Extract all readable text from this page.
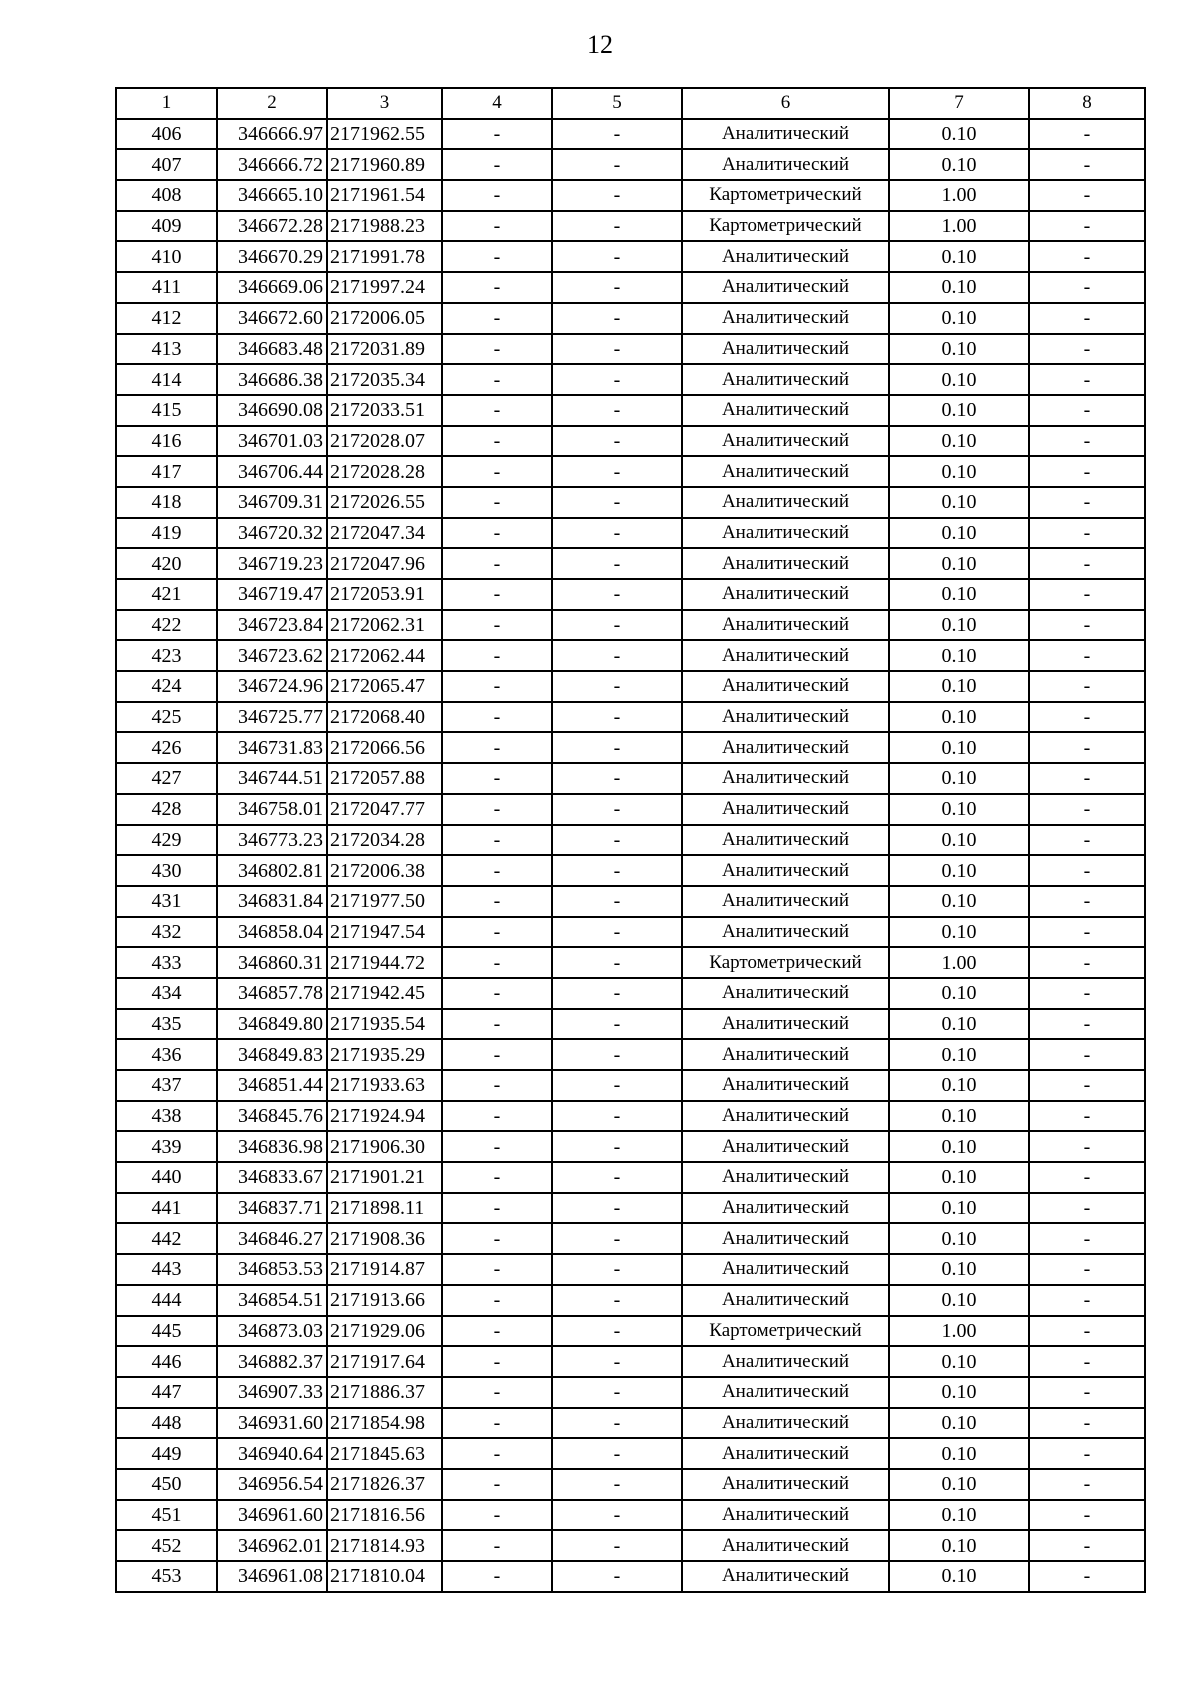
12
1	2	3	4	5	6	7	8
406	346666.97	2171962.55	-	-	Аналитический	0.10	-
407	346666.72	2171960.89	-	-	Аналитический	0.10	-
408	346665.10	2171961.54	-	-	Картометрический	1.00	-
409	346672.28	2171988.23	-	-	Картометрический	1.00	-
410	346670.29	2171991.78	-	-	Аналитический	0.10	-
411	346669.06	2171997.24	-	-	Аналитический	0.10	-
412	346672.60	2172006.05	-	-	Аналитический	0.10	-
413	346683.48	2172031.89	-	-	Аналитический	0.10	-
414	346686.38	2172035.34	-	-	Аналитический	0.10	-
415	346690.08	2172033.51	-	-	Аналитический	0.10	-
416	346701.03	2172028.07	-	-	Аналитический	0.10	-
417	346706.44	2172028.28	-	-	Аналитический	0.10	-
418	346709.31	2172026.55	-	-	Аналитический	0.10	-
419	346720.32	2172047.34	-	-	Аналитический	0.10	-
420	346719.23	2172047.96	-	-	Аналитический	0.10	-
421	346719.47	2172053.91	-	-	Аналитический	0.10	-
422	346723.84	2172062.31	-	-	Аналитический	0.10	-
423	346723.62	2172062.44	-	-	Аналитический	0.10	-
424	346724.96	2172065.47	-	-	Аналитический	0.10	-
425	346725.77	2172068.40	-	-	Аналитический	0.10	-
426	346731.83	2172066.56	-	-	Аналитический	0.10	-
427	346744.51	2172057.88	-	-	Аналитический	0.10	-
428	346758.01	2172047.77	-	-	Аналитический	0.10	-
429	346773.23	2172034.28	-	-	Аналитический	0.10	-
430	346802.81	2172006.38	-	-	Аналитический	0.10	-
431	346831.84	2171977.50	-	-	Аналитический	0.10	-
432	346858.04	2171947.54	-	-	Аналитический	0.10	-
433	346860.31	2171944.72	-	-	Картометрический	1.00	-
434	346857.78	2171942.45	-	-	Аналитический	0.10	-
435	346849.80	2171935.54	-	-	Аналитический	0.10	-
436	346849.83	2171935.29	-	-	Аналитический	0.10	-
437	346851.44	2171933.63	-	-	Аналитический	0.10	-
438	346845.76	2171924.94	-	-	Аналитический	0.10	-
439	346836.98	2171906.30	-	-	Аналитический	0.10	-
440	346833.67	2171901.21	-	-	Аналитический	0.10	-
441	346837.71	2171898.11	-	-	Аналитический	0.10	-
442	346846.27	2171908.36	-	-	Аналитический	0.10	-
443	346853.53	2171914.87	-	-	Аналитический	0.10	-
444	346854.51	2171913.66	-	-	Аналитический	0.10	-
445	346873.03	2171929.06	-	-	Картометрический	1.00	-
446	346882.37	2171917.64	-	-	Аналитический	0.10	-
447	346907.33	2171886.37	-	-	Аналитический	0.10	-
448	346931.60	2171854.98	-	-	Аналитический	0.10	-
449	346940.64	2171845.63	-	-	Аналитический	0.10	-
450	346956.54	2171826.37	-	-	Аналитический	0.10	-
451	346961.60	2171816.56	-	-	Аналитический	0.10	-
452	346962.01	2171814.93	-	-	Аналитический	0.10	-
453	346961.08	2171810.04	-	-	Аналитический	0.10	-
